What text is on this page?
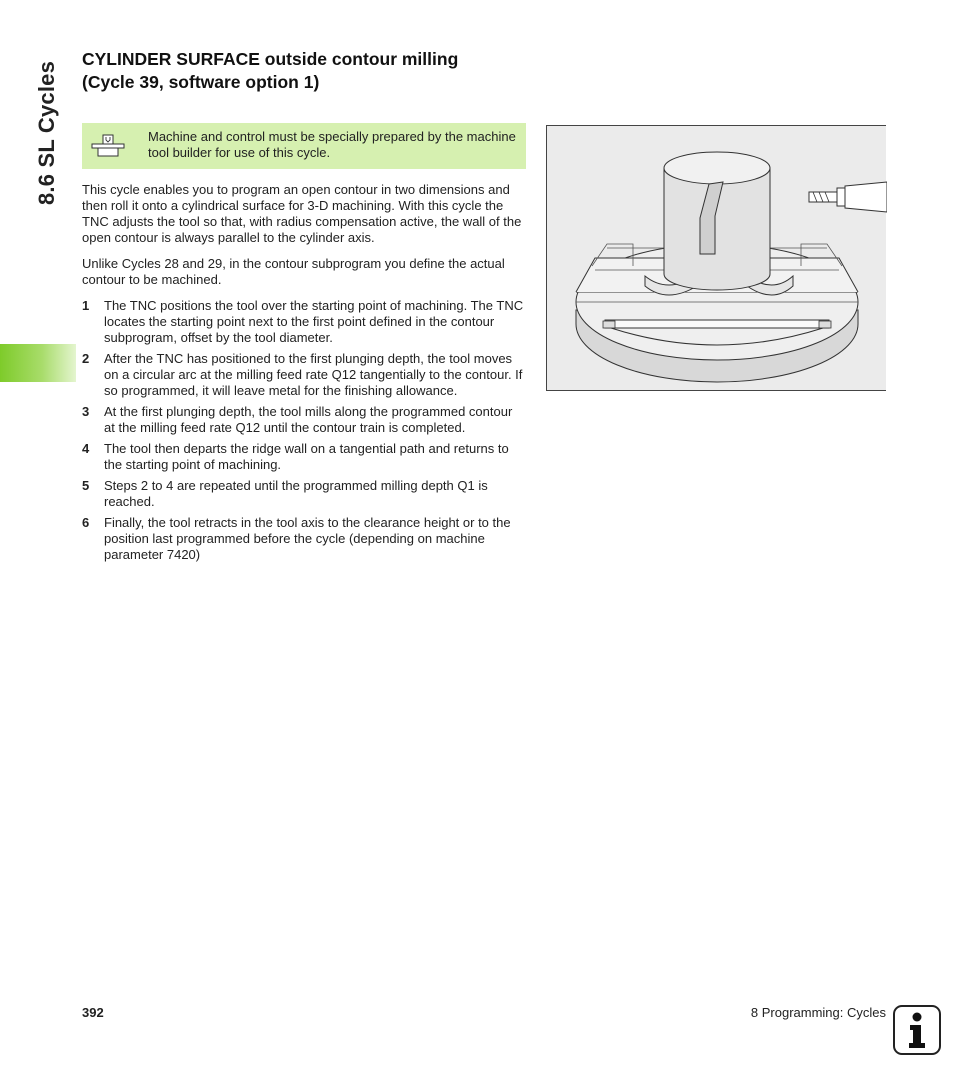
8.6 SL Cycles
CYLINDER SURFACE outside contour milling
(Cycle 39, software option 1)
Machine and control must be specially prepared by the machine tool builder for use of this cycle.

This cycle enables you to program an open contour in two dimensions and then roll it onto a cylindrical surface for 3-D machining. With this cycle the TNC adjusts the tool so that, with radius compensation active, the wall of the open contour is always parallel to the cylinder axis.

Unlike Cycles 28 and 29, in the contour subprogram you define the actual contour to be machined.

1 The TNC positions the tool over the starting point of machining. The TNC locates the starting point next to the first point defined in the contour subprogram, offset by the tool diameter.
2 After the TNC has positioned to the first plunging depth, the tool moves on a circular arc at the milling feed rate Q12 tangentially to the contour. If so programmed, it will leave metal for the finishing allowance.
3 At the first plunging depth, the tool mills along the programmed contour at the milling feed rate Q12 until the contour train is completed.
4 The tool then departs the ridge wall on a tangential path and returns to the starting point of machining.
5 Steps 2 to 4 are repeated until the programmed milling depth Q1 is reached.
6 Finally, the tool retracts in the tool axis to the clearance height or to the position last programmed before the cycle (depending on machine parameter 7420)
392	8 Programming: Cycles
